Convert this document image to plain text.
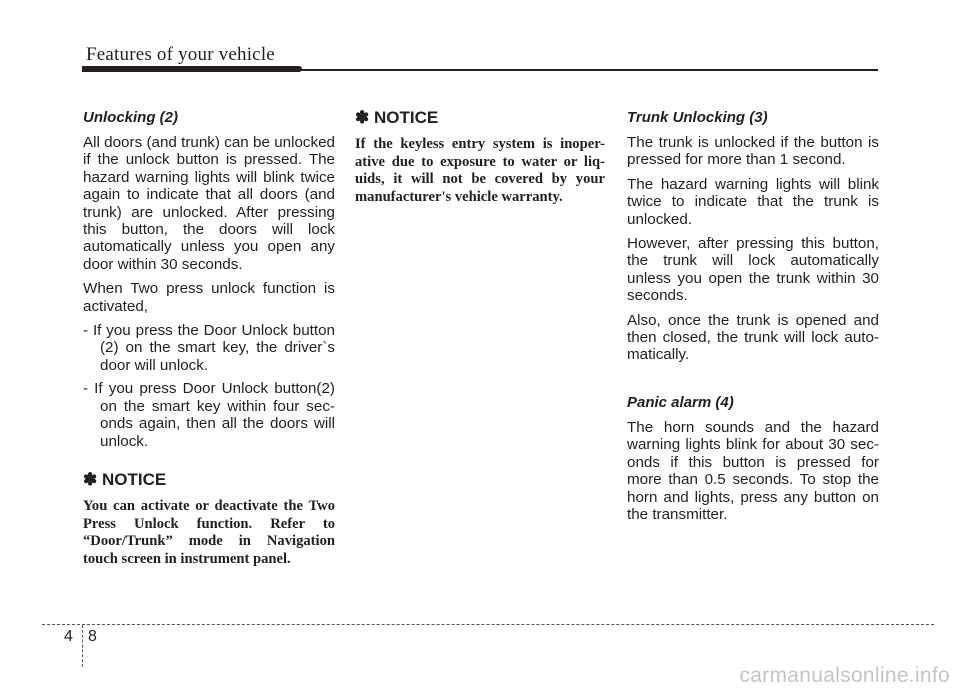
Features of your vehicle
Unlocking (2)
All doors (and trunk) can be unlocked if the unlock button is pressed. The hazard warning lights will blink twice again to indicate that all doors (and trunk) are unlocked. After pressing this button, the doors will lock automatically unless you open any door within 30 seconds.
When Two press unlock function is activated,
- If you press the Door Unlock button (2) on the smart key, the driver`s door will unlock.
- If you press Door Unlock button(2) on the smart key within four sec-onds again, then all the doors will unlock.
✽ NOTICE
You can activate or deactivate the Two Press Unlock function. Refer to “Door/Trunk” mode in Navigation touch screen in instrument panel.
✽ NOTICE
If the keyless entry system is inoper-ative due to exposure to water or liq-uids, it will not be covered by your manufacturer's vehicle warranty.
Trunk Unlocking (3)
The trunk is unlocked if the button is pressed for more than 1 second.
The hazard warning lights will blink twice to indicate that the trunk is unlocked.
However, after pressing this button, the trunk will lock automatically unless you open the trunk within 30 seconds.
Also, once the trunk is opened and then closed, the trunk will lock auto-matically.
Panic alarm (4)
The horn sounds and the hazard warning lights blink for about 30 sec-onds if this button is pressed for more than 0.5 seconds. To stop the horn and lights, press any button on the transmitter.
4 8
carmanualsonline.info
